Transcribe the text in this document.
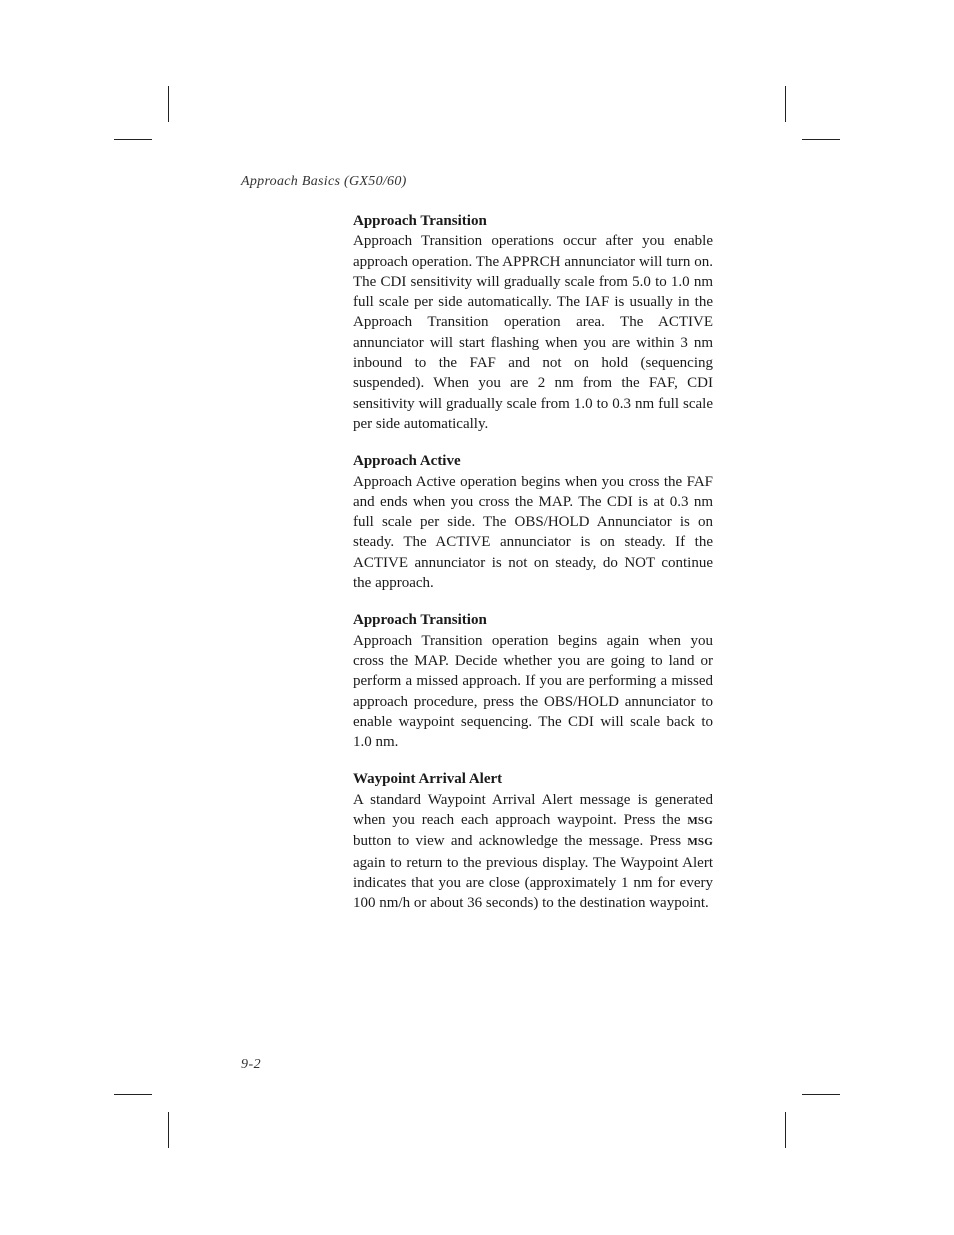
Approach Basics (GX50/60)

Approach Transition

Approach Transition operations occur after you enable approach operation. The APPRCH annunciator will turn on. The CDI sensitivity will gradually scale from 5.0 to 1.0 nm full scale per side automatically. The IAF is usually in the Approach Transition operation area. The ACTIVE annunciator will start flashing when you are within 3 nm inbound to the FAF and not on hold (sequencing suspended). When you are 2 nm from the FAF, CDI sensitivity will gradually scale from 1.0 to 0.3 nm full scale per side automatically.

Approach Active

Approach Active operation begins when you cross the FAF and ends when you cross the MAP. The CDI is at 0.3 nm full scale per side. The OBS/HOLD Annunciator is on steady. The ACTIVE annunciator is on steady. If the ACTIVE annunciator is not on steady, do NOT continue the approach.

Approach Transition

Approach Transition operation begins again when you cross the MAP. Decide whether you are going to land or perform a missed approach. If you are performing a missed approach procedure, press the OBS/HOLD annunciator to enable waypoint sequencing. The CDI will scale back to 1.0 nm.

Waypoint Arrival Alert

A standard Waypoint Arrival Alert message is generated when you reach each approach waypoint. Press the MSG button to view and acknowledge the message. Press MSG again to return to the previous display. The Waypoint Alert indicates that you are close (approximately 1 nm for every 100 nm/h or about 36 seconds) to the destination waypoint.

9-2
